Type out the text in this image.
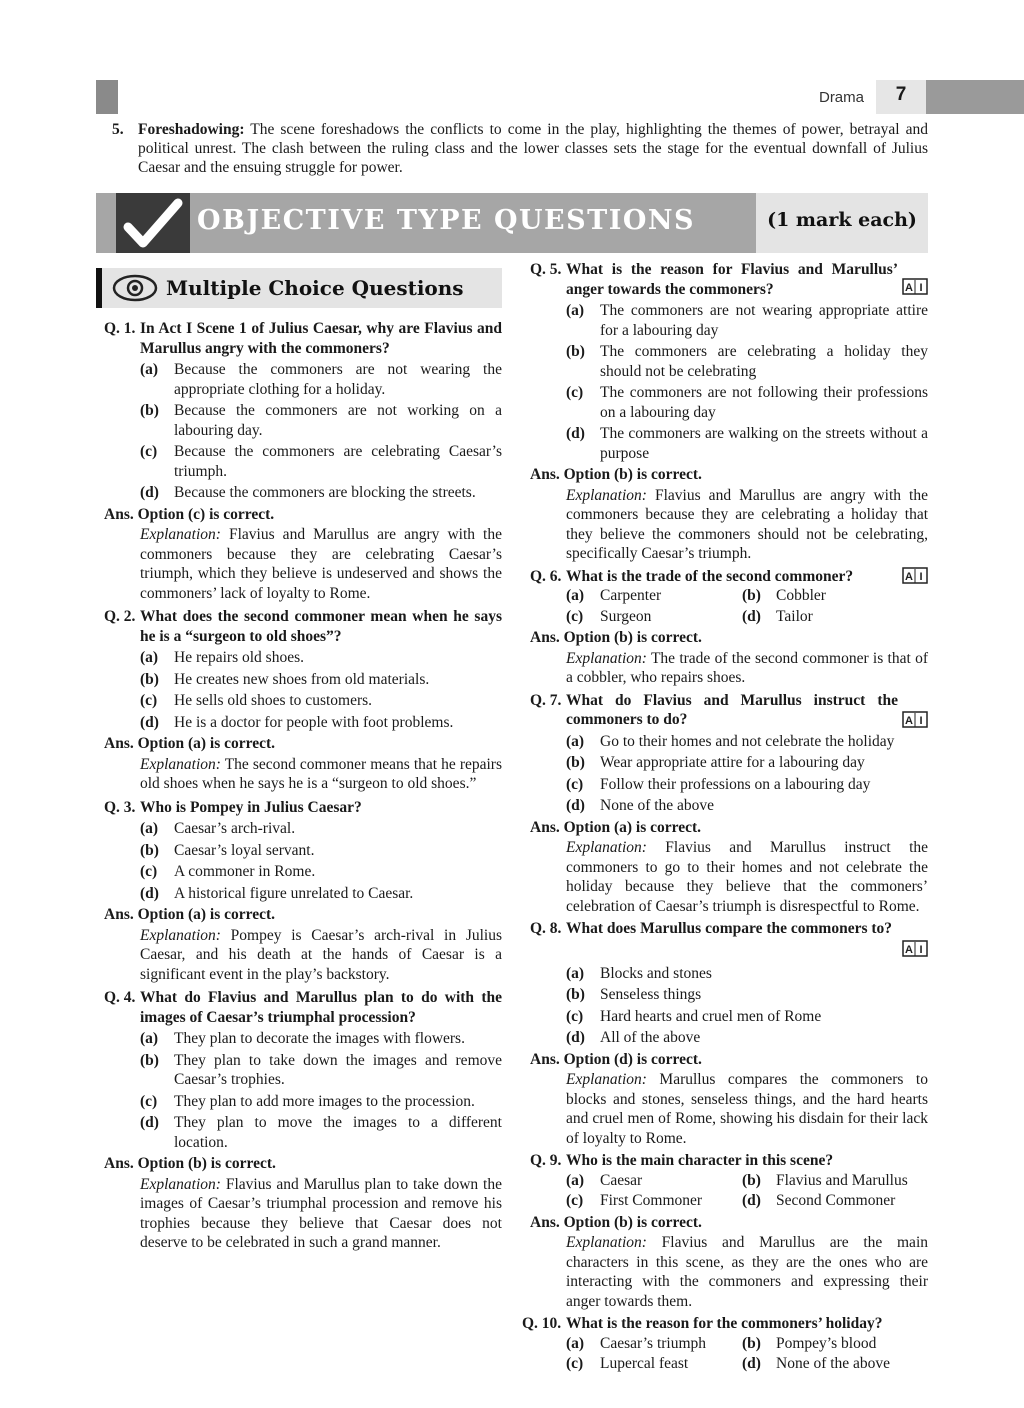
Drama	7
5. Foreshadowing: The scene foreshadows the conflicts to come in the play, highlighting the themes of power, betrayal and political unrest. The clash between the ruling class and the lower classes sets the stage for the eventual downfall of Julius Caesar and the ensuing struggle for power.
OBJECTIVE TYPE QUESTIONS	(1 mark each)
Multiple Choice Questions
Q. 1. In Act I Scene 1 of Julius Caesar, why are Flavius and Marullus angry with the commoners?
(a) Because the commoners are not wearing the appropriate clothing for a holiday.
(b) Because the commoners are not working on a labouring day.
(c) Because the commoners are celebrating Caesar’s triumph.
(d) Because the commoners are blocking the streets.
Ans. Option (c) is correct.
Explanation: Flavius and Marullus are angry with the commoners because they are celebrating Caesar’s triumph, which they believe is undeserved and shows the commoners’ lack of loyalty to Rome.
Q. 2. What does the second commoner mean when he says he is a “surgeon to old shoes”?
(a) He repairs old shoes.
(b) He creates new shoes from old materials.
(c) He sells old shoes to customers.
(d) He is a doctor for people with foot problems.
Ans. Option (a) is correct.
Explanation: The second commoner means that he repairs old shoes when he says he is a “surgeon to old shoes.”
Q. 3. Who is Pompey in Julius Caesar?
(a) Caesar’s arch-rival.
(b) Caesar’s loyal servant.
(c) A commoner in Rome.
(d) A historical figure unrelated to Caesar.
Ans. Option (a) is correct.
Explanation: Pompey is Caesar’s arch-rival in Julius Caesar, and his death at the hands of Caesar is a significant event in the play’s backstory.
Q. 4. What do Flavius and Marullus plan to do with the images of Caesar’s triumphal procession?
(a) They plan to decorate the images with flowers.
(b) They plan to take down the images and remove Caesar’s trophies.
(c) They plan to add more images to the procession.
(d) They plan to move the images to a different location.
Ans. Option (b) is correct.
Explanation: Flavius and Marullus plan to take down the images of Caesar’s triumphal procession and remove his trophies because they believe that Caesar does not deserve to be celebrated in such a grand manner.
Q. 5. What is the reason for Flavius and Marullus’ anger towards the commoners?	A I
(a) The commoners are not wearing appropriate attire for a labouring day
(b) The commoners are celebrating a holiday they should not be celebrating
(c) The commoners are not following their professions on a labouring day
(d) The commoners are walking on the streets without a purpose
Ans. Option (b) is correct.
Explanation: Flavius and Marullus are angry with the commoners because they are celebrating a holiday that they believe the commoners should not be celebrating, specifically Caesar’s triumph.
Q. 6. What is the trade of the second commoner?	A I
(a) Carpenter	(b) Cobbler
(c) Surgeon	(d) Tailor
Ans. Option (b) is correct.
Explanation: The trade of the second commoner is that of a cobbler, who repairs shoes.
Q. 7. What do Flavius and Marullus instruct the commoners to do?	A I
(a) Go to their homes and not celebrate the holiday
(b) Wear appropriate attire for a labouring day
(c) Follow their professions on a labouring day
(d) None of the above
Ans. Option (a) is correct.
Explanation: Flavius and Marullus instruct the commoners to go to their homes and not celebrate the holiday because they believe that the commoners’ celebration of Caesar’s triumph is disrespectful to Rome.
Q. 8. What does Marullus compare the commoners to?
A I
(a) Blocks and stones
(b) Senseless things
(c) Hard hearts and cruel men of Rome
(d) All of the above
Ans. Option (d) is correct.
Explanation: Marullus compares the commoners to blocks and stones, senseless things, and the hard hearts and cruel men of Rome, showing his disdain for their lack of loyalty to Rome.
Q. 9. Who is the main character in this scene?
(a) Caesar	(b) Flavius and Marullus
(c) First Commoner	(d) Second Commoner
Ans. Option (b) is correct.
Explanation: Flavius and Marullus are the main characters in this scene, as they are the ones who are interacting with the commoners and expressing their anger towards them.
Q. 10. What is the reason for the commoners’ holiday?
(a) Caesar’s triumph	(b) Pompey’s blood
(c) Lupercal feast	(d) None of the above
